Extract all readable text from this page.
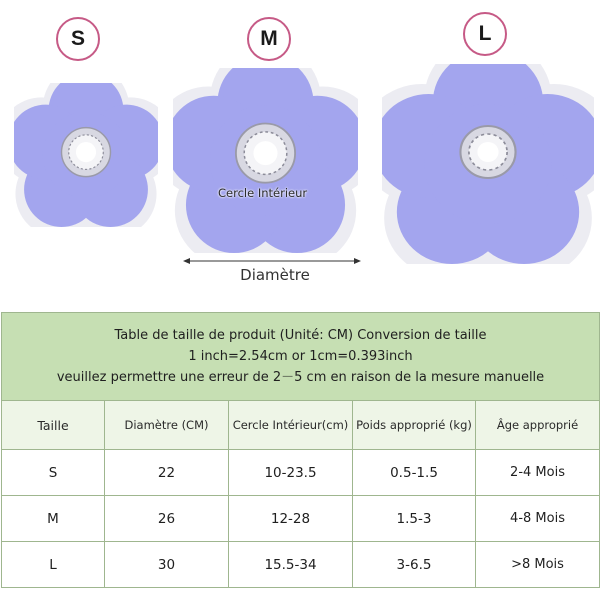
S	M	L
Cercle Intérieur
Diamètre
Table de taille de produit (Unité: CM) Conversion de taille
1 inch=2.54cm or 1cm=0.393inch
veuillez permettre une erreur de 2－5 cm en raison de la mesure manuelle				

Taille	Diamètre (CM)	Cercle Intérieur(cm)	Poids approprié (kg)	Âge approprié
S	22	10-23.5	0.5-1.5	2-4 Mois
M	26	12-28	1.5-3	4-8 Mois
L	30	15.5-34	3-6.5	>8 Mois
